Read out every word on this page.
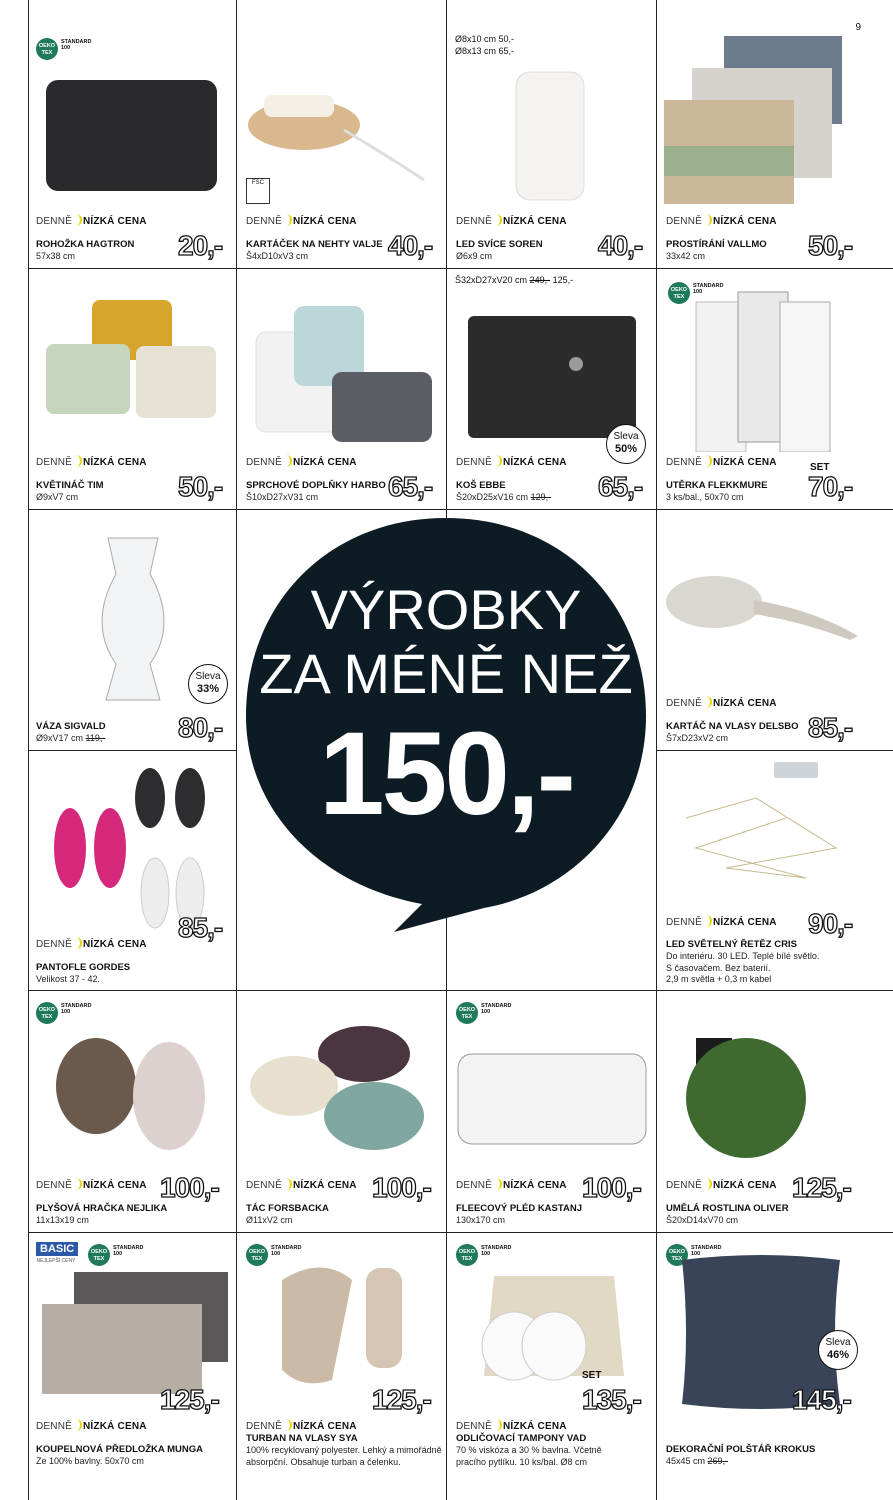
9
OEKO TEX
STANDARD 100
DENNĚ NÍZKÁ CENA
ROHOŽKA HAGTRON
57x38 cm	20,-
FSC
DENNĚ NÍZKÁ CENA
KARTÁČEK NA NEHTY VALJE
Š4xD10xV3 cm	40,-
Ø8x10 cm 50,-
Ø8x13 cm 65,-
DENNĚ NÍZKÁ CENA
LED SVÍCE SOREN
Ø6x9 cm	40,-
DENNĚ NÍZKÁ CENA
PROSTÍRÁNÍ VALLMO
33x42 cm	50,-
DENNĚ NÍZKÁ CENA
KVĚTINÁČ TIM
Ø9xV7 cm	50,-
DENNĚ NÍZKÁ CENA
SPRCHOVÉ DOPLŇKY HARBO
Š10xD27xV31 cm 65,-
Š32xD27xV20 cm 249,- 125,-
Sleva
50%
DENNĚ NÍZKÁ CENA
KOŠ EBBE
Š20xD25xV16 cm 129,- 65,-
OEKO TEX
STANDARD 100
DENNĚ NÍZKÁ CENA	SET
UTĚRKA FLEKKMURE
3 ks/bal., 50x70 cm 70,-
Sleva
33%
VÁZA SIGVALD
Ø9xV17 cm 119,-	80,-
VÝROBKY
ZA MÉNĚ NEŽ
150,-
DENNĚ NÍZKÁ CENA
KARTÁČ NA VLASY DELSBO
Š7xD23xV2 cm	85,-
85,-
DENNĚ NÍZKÁ CENA
PANTOFLE GORDES
Velikost 37 - 42.
DENNĚ NÍZKÁ CENA 90,-
LED SVĚTELNÝ ŘETĚZ CRIS
Do interiéru. 30 LED. Teplé bílé světlo.
S časovačem. Bez baterií.
2,9 m světla + 0,3 m kabel
OEKO TEX
STANDARD 100
DENNĚ NÍZKÁ CENA
PLYŠOVÁ HRAČKA NEJLIKA
11x13x19 cm
100,-	DENNĚ NÍZKÁ CENA
TÁC FORSBACKA
Ø11xV2 cm
100,-
OEKO TEX
STANDARD 100
DENNĚ NÍZKÁ CENA
FLEECOVÝ PLÉD KASTANJ
130x170 cm
100,-	DENNĚ NÍZKÁ CENA
UMĚLÁ ROSTLINA OLIVER
Š20xD14xV70 cm
125,-
BASIC
NEJLEPŠÍ CENY
OEKO TEX
STANDARD 100
125,-
DENNĚ NÍZKÁ CENA
KOUPELNOVÁ PŘEDLOŽKA MUNGA
Ze 100% bavlny. 50x70 cm
OEKO TEX
STANDARD 100
125,-
DENNĚ NÍZKÁ CENA
TURBAN NA VLASY SYA
100% recyklovaný polyester. Lehký a mimořádně
absorpční. Obsahuje turban a čelenku.
OEKO TEX
STANDARD 100
SET
135,-
DENNĚ NÍZKÁ CENA
ODLIČOVACÍ TAMPONY VAD
70 % viskóza a 30 % bavlna. Včetně
pracího pytlíku. 10 ks/bal. Ø8 cm
OEKO TEX
STANDARD 100
Sleva
46%
145,-
DEKORAČNÍ POLŠTÁŘ KROKUS
45x45 cm 269,-
